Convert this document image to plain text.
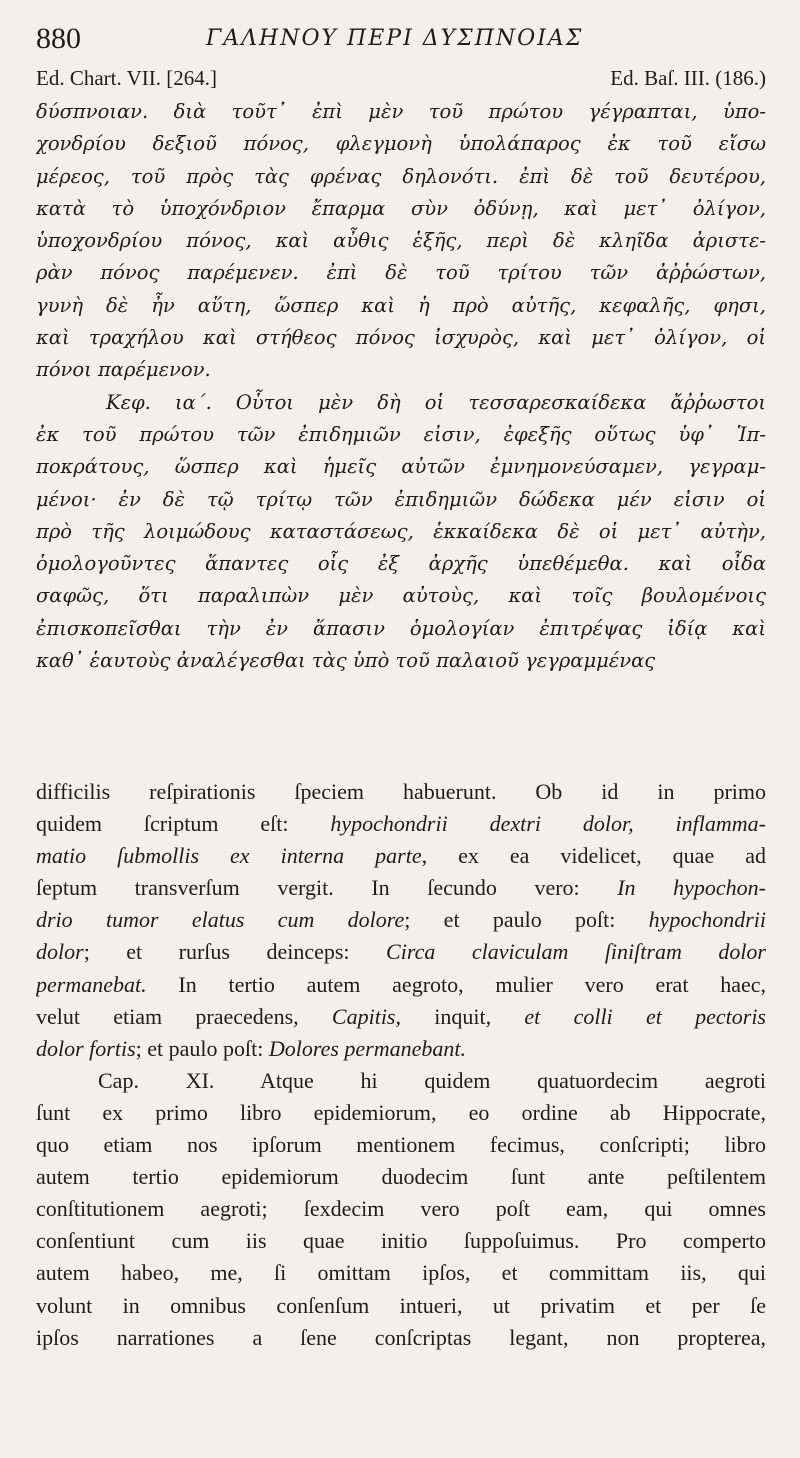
880	ΓΑΛΗΝΟΥ ΠΕΡΙ ΔΥΣΠΝΟΙΑΣ
Ed. Chart. VII. [264.]	Ed. Baſ. III. (186.)
δύσπνοιαν. διὰ τοῦτ᾽ ἐπὶ μὲν τοῦ πρώτου γέγραπται, ὑπο-
χονδρίου δεξιοῦ πόνος, φλεγμονὴ ὑπολάπαρος ἐκ τοῦ εἴσω
μέρεος, τοῦ πρὸς τὰς φρένας δηλονότι. ἐπὶ δὲ τοῦ δευτέρου,
κατὰ τὸ ὑποχόνδριον ἔπαρμα σὺν ὀδύνῃ, καὶ μετ᾽ ὀλίγον,
ὑποχονδρίου πόνος, καὶ αὖθις ἑξῆς, περὶ δὲ κληῖδα ἀριστε-
ρὰν πόνος παρέμενεν. ἐπὶ δὲ τοῦ τρίτου τῶν ἀῤῥώστων,
γυνὴ δὲ ἦν αὕτη, ὥσπερ καὶ ἡ πρὸ αὐτῆς, κεφαλῆς, φησι,
καὶ τραχήλου καὶ στήθεος πόνος ἰσχυρὸς, καὶ μετ᾽ ὀλίγον, οἱ
πόνοι παρέμενον.
Κεφ. ια΄. Οὗτοι μὲν δὴ οἱ τεσσαρεσκαίδεκα ἄῤῥωστοι
ἐκ τοῦ πρώτου τῶν ἐπιδημιῶν εἰσιν, ἐφεξῆς οὕτως ὑφ᾽ Ἱπ-
ποκράτους, ὥσπερ καὶ ἡμεῖς αὐτῶν ἐμνημονεύσαμεν, γεγραμ-
μένοι· ἐν δὲ τῷ τρίτῳ τῶν ἐπιδημιῶν δώδεκα μέν εἰσιν οἱ
πρὸ τῆς λοιμώδους καταστάσεως, ἑκκαίδεκα δὲ οἱ μετ᾽ αὐτὴν,
ὁμολογοῦντες ἅπαντες οἷς ἐξ ἀρχῆς ὑπεθέμεθα. καὶ οἶδα
σαφῶς, ὅτι παραλιπὼν μὲν αὐτοὺς, καὶ τοῖς βουλομένοις
ἐπισκοπεῖσθαι τὴν ἐν ἅπασιν ὁμολογίαν ἐπιτρέψας ἰδίᾳ καὶ
καθ᾽ ἑαυτοὺς ἀναλέγεσθαι τὰς ὑπὸ τοῦ παλαιοῦ γεγραμμένας
difficilis reſpirationis ſpeciem habuerunt. Ob id in primo
quidem ſcriptum eſt: hypochondrii dextri dolor, inflamma-
matio ſubmollis ex interna parte, ex ea videlicet, quae ad
ſeptum transverſum vergit. In ſecundo vero: In hypochon-
drio tumor elatus cum dolore; et paulo poſt: hypochondrii
dolor; et rurſus deinceps: Circa claviculam ſiniſtram dolor
permanebat. In tertio autem aegroto, mulier vero erat haec,
velut etiam praecedens, Capitis, inquit, et colli et pectoris
dolor fortis; et paulo poſt: Dolores permanebant.
Cap. XI. Atque hi quidem quatuordecim aegroti
ſunt ex primo libro epidemiorum, eo ordine ab Hippocrate,
quo etiam nos ipſorum mentionem fecimus, conſcripti; libro
autem tertio epidemiorum duodecim ſunt ante peſtilentem
conſtitutionem aegroti; ſexdecim vero poſt eam, qui omnes
conſentiunt cum iis quae initio ſuppoſuimus. Pro comperto
autem habeo, me, ſi omittam ipſos, et committam iis, qui
volunt in omnibus conſenſum intueri, ut privatim et per ſe
ipſos narrationes a ſene conſcriptas legant, non propterea,
